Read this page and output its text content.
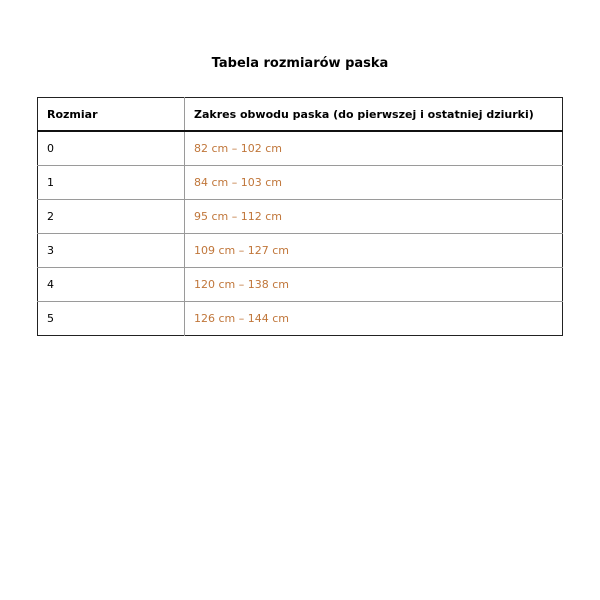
Tabela rozmiarów paska
Rozmiar	Zakres obwodu paska (do pierwszej i ostatniej dziurki)
0	82 cm – 102 cm
1	84 cm – 103 cm
2	95 cm – 112 cm
3	109 cm – 127 cm
4	120 cm – 138 cm
5	126 cm – 144 cm
